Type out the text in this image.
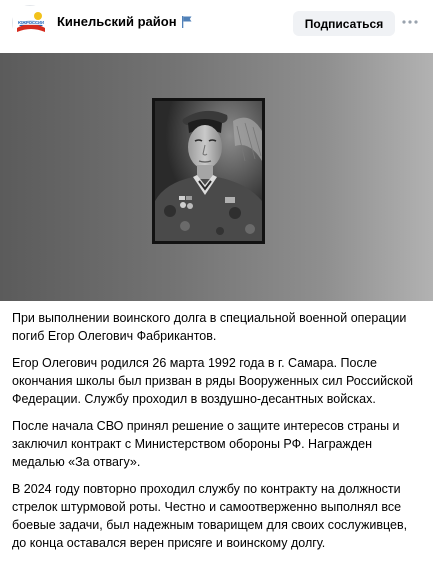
ЮЖРОССИИ Кинельский район	Подписаться

При выполнении воинского долга в специальной военной операции погиб Егор Олегович Фабрикантов.

Егор Олегович родился 26 марта 1992 года в г. Самара. После окончания школы был призван в ряды Вооруженных сил Российской Федерации. Службу проходил в воздушно-десантных войсках.

После начала СВО принял решение о защите интересов страны и заключил контракт с Министерством обороны РФ. Награжден медалью «За отвагу».

В 2024 году повторно проходил службу по контракту на должности стрелок штурмовой роты. Честно и самоотверженно выполнял все боевые задачи, был надежным товарищем для своих сослуживцев, до конца оставался верен присяге и воинскому долгу.
